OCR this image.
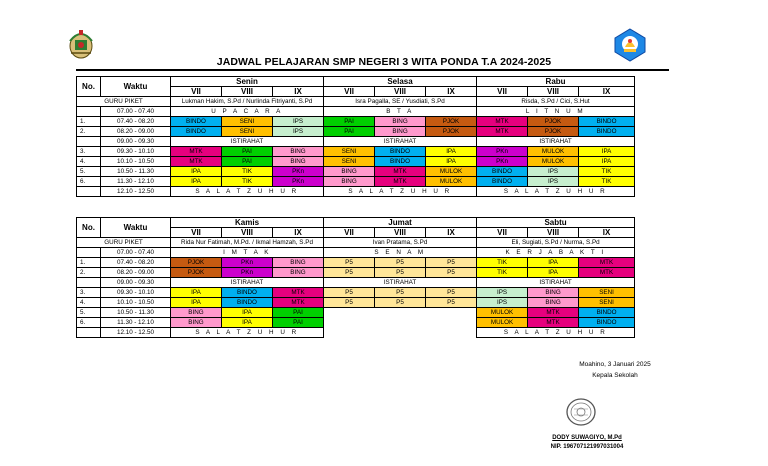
JADWAL PELAJARAN SMP NEGERI 3 WITA PONDA T.A 2024-2025
No.	Waktu	Senin			Selasa			Rabu		
		VII	VIII	IX	VII	VIII	IX	VII	VIII	IX
GURU PIKET		Lukman Hakim, S.Pd / Nurlinda Fitriyanti, S.Pd			Isra Pagalla, SE / Yusdiati, S.Pd			Risda, S.Pd / Cici, S.Hut		
	07.00 - 07.40	U P A C A R A			B T A			L I T N U M		
1.	07.40 - 08.20	BINDO	SENI	IPS	PAI	BING	PJOK	MTK	PJOK	BINDO
2.	08.20 - 09.00	BINDO	SENI	IPS	PAI	BING	PJOK	MTK	PJOK	BINDO
	09.00 - 09.30	ISTIRAHAT			ISTIRAHAT			ISTIRAHAT		
3.	09.30 - 10.10	MTK	PAI	BING	SENI	BINDO	IPA	PKn	MULOK	IPA
4.	10.10 - 10.50	MTK	PAI	BING	SENI	BINDO	IPA	PKn	MULOK	IPA
5.	10.50 - 11.30	IPA	TIK	PKn	BING	MTK	MULOK	BINDO	IPS	TIK
6.	11.30 - 12.10	IPA	TIK	PKn	BING	MTK	MULOK	BINDO	IPS	TIK
	12.10 - 12.50	S A L A T Z U H U R			S A L A T Z U H U R			S A L A T Z U H U R		
No.	Waktu	Kamis			Jumat			Sabtu		
		VII	VIII	IX	VII	VIII	IX	VII	VIII	IX
GURU PIKET		Rida Nur Fatimah, M.Pd. / Ikmal Hamzah, S.Pd			Ivan Pratama, S.Pd			Eli, Sugiati, S.Pd / Nurma, S.Pd		
	07.00 - 07.40	I M T A K			S E N A M			K E R J A B A K T I		
1.	07.40 - 08.20	PJOK	PKn	BING	P5	P5	P5	TIK	IPA	MTK
2.	08.20 - 09.00	PJOK	PKn	BING	P5	P5	P5	TIK	IPA	MTK
	09.00 - 09.30	ISTIRAHAT			ISTIRAHAT			ISTIRAHAT		
3.	09.30 - 10.10	IPA	BINDO	MTK	P5	P5	P5	IPS	BING	SENI
4.	10.10 - 10.50	IPA	BINDO	MTK	P5	P5	P5	IPS	BING	SENI
5.	10.50 - 11.30	BING	IPA	PAI				MULOK	MTK	BINDO
6.	11.30 - 12.10	BING	IPA	PAI				MULOK	MTK	BINDO
	12.10 - 12.50	S A L A T Z U H U R						S A L A T Z U H U R		
Moahino, 3 Januari 2025
Kepala Sekolah
DODY SUWAGIYO, M.Pd
NIP. 196707121997031004
